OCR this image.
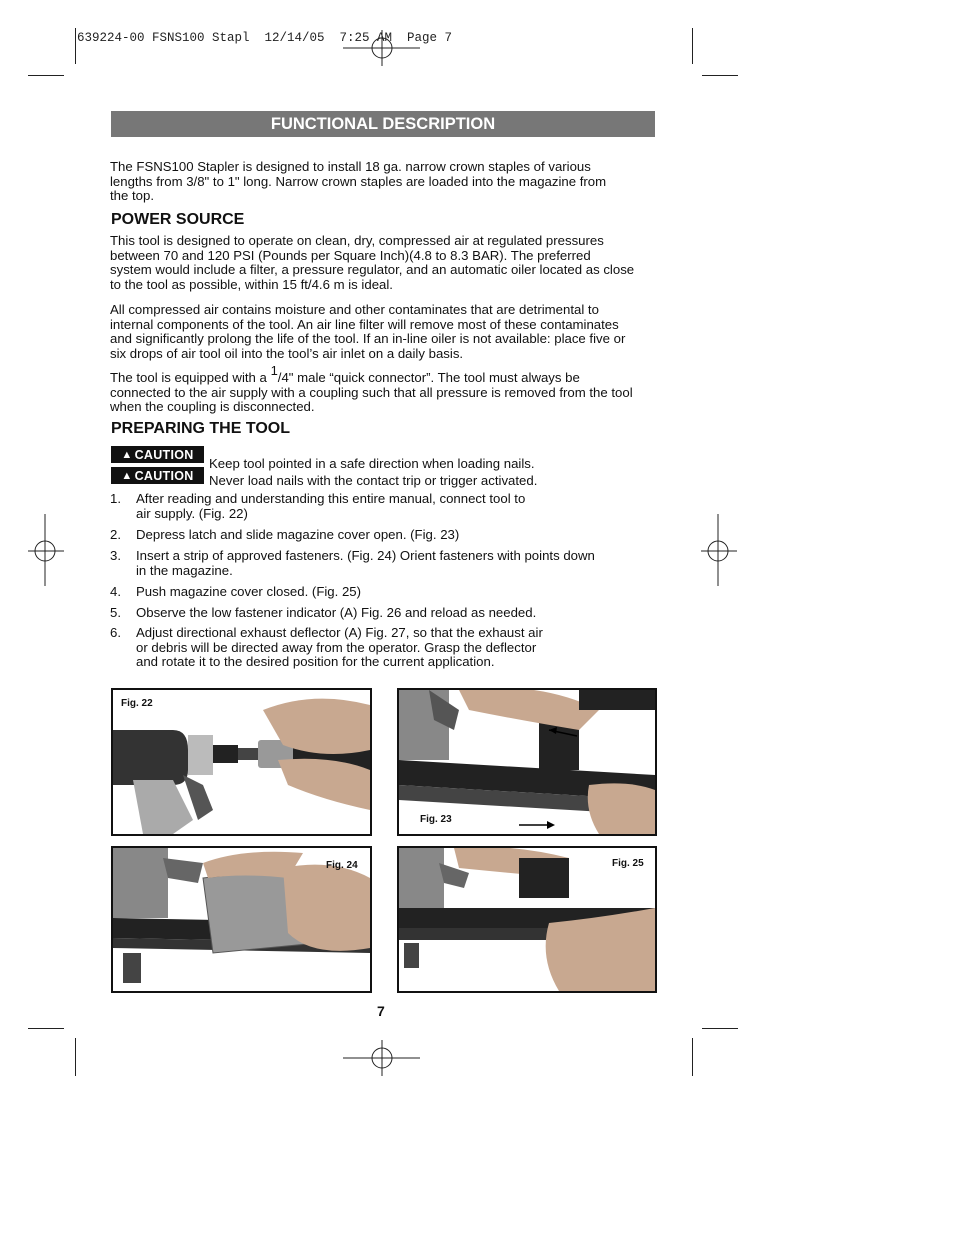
639224-00 FSNS100 Stapl  12/14/05  7:25 AM  Page 7
FUNCTIONAL DESCRIPTION
The FSNS100 Stapler is designed to install 18 ga. narrow crown staples of various
lengths from 3/8" to 1" long. Narrow crown staples are loaded into the magazine from
the top.
POWER SOURCE
This tool is designed to operate on clean, dry, compressed air at regulated pressures
between 70 and 120 PSI (Pounds per Square Inch)(4.8 to 8.3 BAR). The preferred
system would include a filter, a pressure regulator, and an automatic oiler located as close
to the tool as possible, within 15 ft/4.6 m is ideal.
All compressed air contains moisture and other contaminates that are detrimental to
internal components of the tool. An air line filter will remove most of these contaminates
and significantly prolong the life of the tool. If an in-line oiler is not available: place five or
six drops of air tool oil into the tool’s air inlet on a daily basis.
The tool is equipped with a 1/4" male “quick connector”. The tool must always be
connected to the air supply with a coupling such that all pressure is removed from the tool
when the coupling is disconnected.
PREPARING THE TOOL
▲ CAUTION
▲ CAUTION
Keep tool pointed in a safe direction when loading nails.
Never load nails with the contact trip or trigger activated.
1.	After reading and understanding this entire manual, connect tool to
air supply. (Fig. 22)
2.	Depress latch and slide magazine cover open. (Fig. 23)
3.	Insert a strip of approved fasteners. (Fig. 24) Orient fasteners with points down
in the magazine.
4.	Push magazine cover closed. (Fig. 25)
5.	Observe the low fastener indicator (A) Fig. 26 and reload as needed.
6.	Adjust directional exhaust deflector (A) Fig. 27, so that the exhaust air
or debris will be directed away from the operator. Grasp the deflector
and rotate it to the desired position for the current application.
Fig. 22
Fig. 23
Fig. 24	Fig. 25
7
